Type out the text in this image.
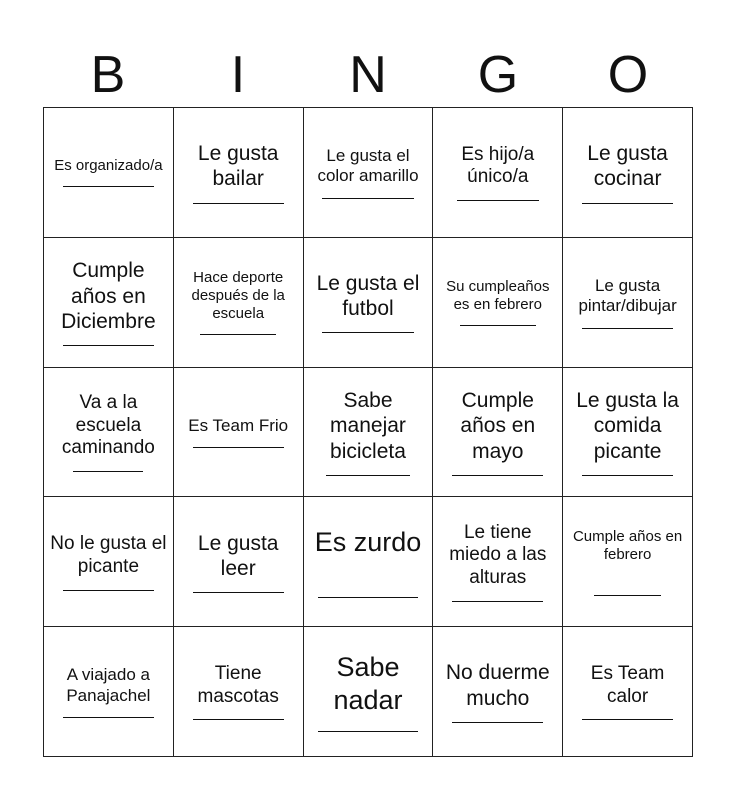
B	I	N	G	O
Es organizado/a
Le gusta bailar
Le gusta el color amarillo
Es hijo/a único/a
Le gusta cocinar
Cumple años en Diciembre
Hace deporte después de la escuela
Le gusta el futbol
Su cumpleaños es en febrero
Le gusta pintar/dibujar
Va a la escuela caminando
Es Team Frio
Sabe manejar bicicleta
Cumple años en mayo
Le gusta la comida picante
No le gusta el picante
Le gusta leer
Es zurdo	Le tiene miedo a las alturas
Cumple años en febrero
A viajado a Panajachel
Tiene mascotas
Sabe nadar
No duerme mucho
Es Team calor
